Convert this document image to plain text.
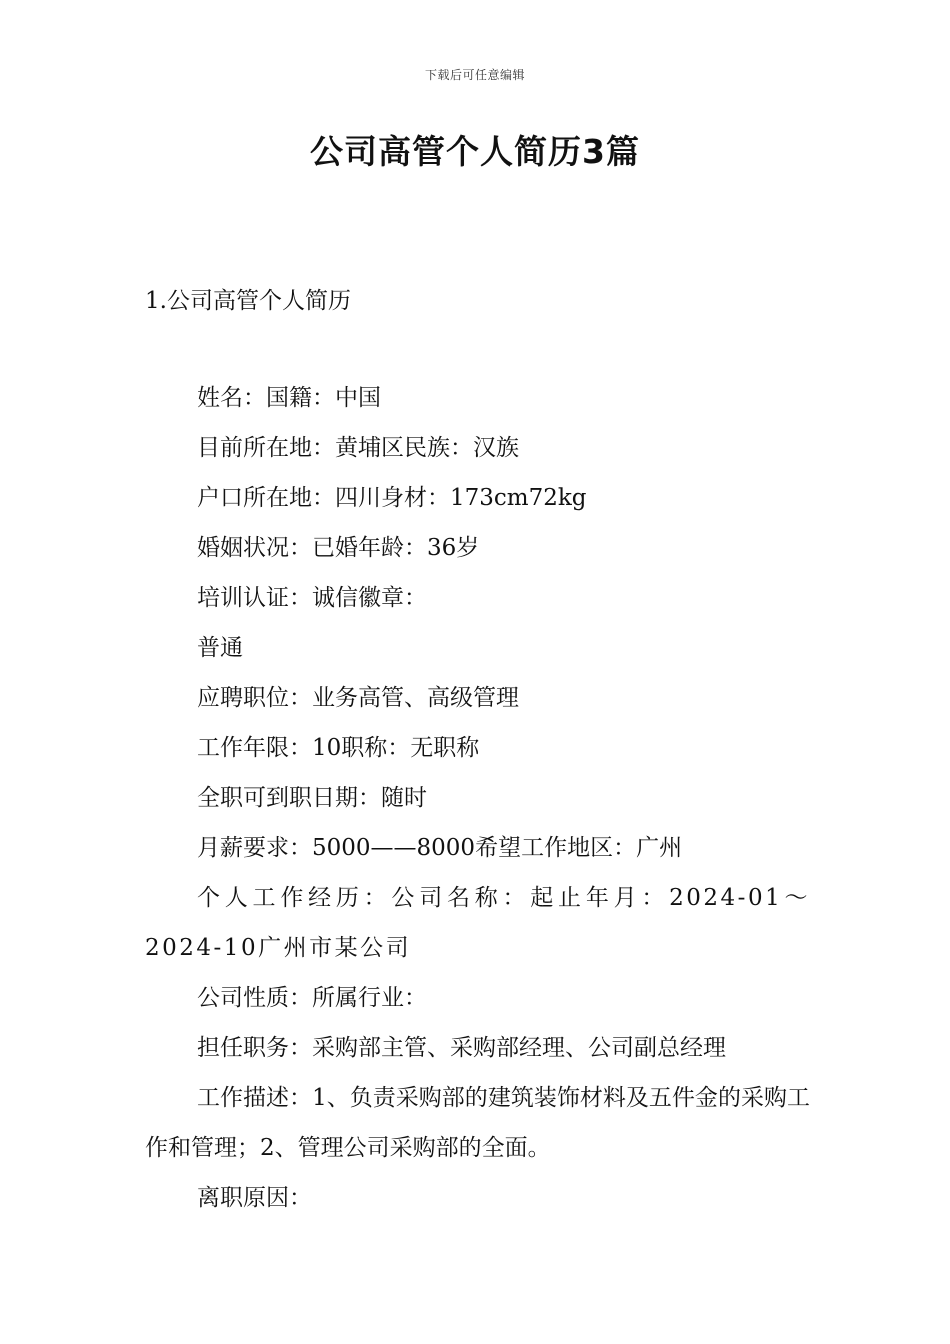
下载后可任意编辑
公司高管个人简历3篇
1.公司高管个人简历
姓名：国籍：中国
目前所在地：黄埔区民族：汉族
户口所在地：四川身材：173cm72kg
婚姻状况：已婚年龄：36岁
培训认证：诚信徽章：
普通
应聘职位：业务高管、高级管理
工作年限：10职称：无职称
全职可到职日期：随时
月薪要求：5000——8000希望工作地区：广州
个人工作经历：公司名称：起止年月：2024-01～2024-10广州市某公司
公司性质：所属行业：
担任职务：采购部主管、采购部经理、公司副总经理
工作描述：1、负责采购部的建筑装饰材料及五件金的采购工作和管理；2、管理公司采购部的全面。
离职原因：
